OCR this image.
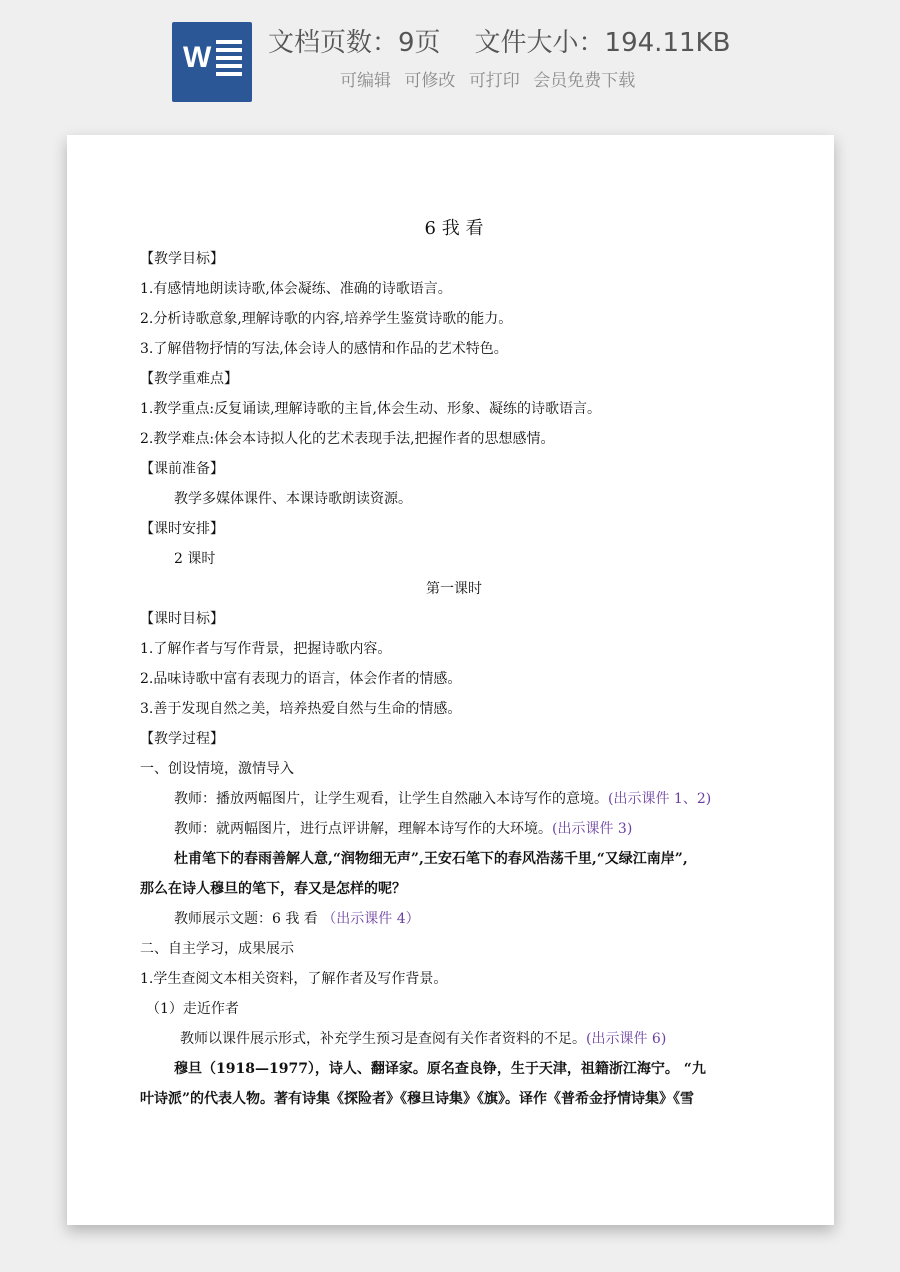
W 文档页数：9页 文件大小：194.11KB
可编辑 可修改 可打印 会员免费下载
6 我 看
【教学目标】
1.有感情地朗读诗歌,体会凝练、准确的诗歌语言。
2.分析诗歌意象,理解诗歌的内容,培养学生鉴赏诗歌的能力。
3.了解借物抒情的写法,体会诗人的感情和作品的艺术特色。
【教学重难点】
1.教学重点:反复诵读,理解诗歌的主旨,体会生动、形象、凝练的诗歌语言。
2.教学难点:体会本诗拟人化的艺术表现手法,把握作者的思想感情。
【课前准备】
教学多媒体课件、本课诗歌朗读资源。
【课时安排】
2 课时
第一课时
【课时目标】
1.了解作者与写作背景，把握诗歌内容。
2.品味诗歌中富有表现力的语言，体会作者的情感。
3.善于发现自然之美，培养热爱自然与生命的情感。
【教学过程】
一、创设情境，激情导入
教师：播放两幅图片，让学生观看，让学生自然融入本诗写作的意境。(出示课件 1、2)
教师：就两幅图片，进行点评讲解，理解本诗写作的大环境。(出示课件 3)
杜甫笔下的春雨善解人意,“润物细无声”,王安石笔下的春风浩荡千里,“又绿江南岸”,
那么在诗人穆旦的笔下，春又是怎样的呢？
教师展示文题：6 我 看 （出示课件 4）
二、自主学习，成果展示
1.学生查阅文本相关资料，了解作者及写作背景。
（1）走近作者
教师以课件展示形式，补充学生预习是查阅有关作者资料的不足。(出示课件 6)
穆旦（1918—1977），诗人、翻译家。原名查良铮，生于天津，祖籍浙江海宁。 “九
叶诗派”的代表人物。著有诗集《探险者》《穆旦诗集》《旗》。译作《普希金抒情诗集》《雪
